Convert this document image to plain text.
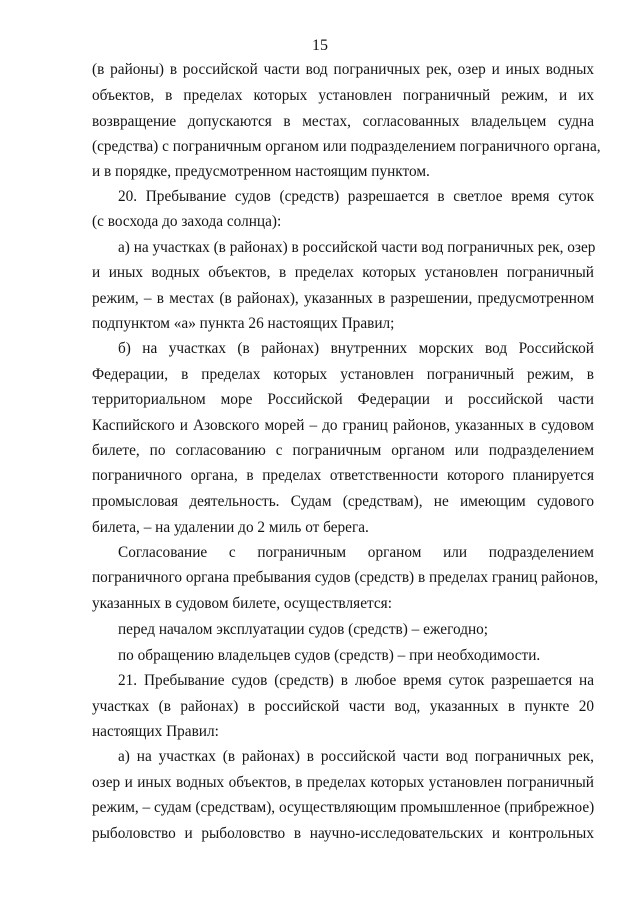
15
(в районы) в российской части вод пограничных рек, озер и иных водных
объектов, в пределах которых установлен пограничный режим, и их
возвращение допускаются в местах, согласованных владельцем судна
(средства) с пограничным органом или подразделением пограничного органа,
и в порядке, предусмотренном настоящим пунктом.
20. Пребывание судов (средств) разрешается в светлое время суток
(с восхода до захода солнца):
а) на участках (в районах) в российской части вод пограничных рек, озер
и иных водных объектов, в пределах которых установлен пограничный
режим, – в местах (в районах), указанных в разрешении, предусмотренном
подпунктом «а» пункта 26 настоящих Правил;
б) на участках (в районах) внутренних морских вод Российской
Федерации, в пределах которых установлен пограничный режим, в
территориальном море Российской Федерации и российской части
Каспийского и Азовского морей – до границ районов, указанных в судовом
билете, по согласованию с пограничным органом или подразделением
пограничного органа, в пределах ответственности которого планируется
промысловая деятельность. Судам (средствам), не имеющим судового
билета, – на удалении до 2 миль от берега.
Согласование с пограничным органом или подразделением
пограничного органа пребывания судов (средств) в пределах границ районов,
указанных в судовом билете, осуществляется:
перед началом эксплуатации судов (средств) – ежегодно;
по обращению владельцев судов (средств) – при необходимости.
21. Пребывание судов (средств) в любое время суток разрешается на
участках (в районах) в российской части вод, указанных в пункте 20
настоящих Правил:
а) на участках (в районах) в российской части вод пограничных рек,
озер и иных водных объектов, в пределах которых установлен пограничный
режим, – судам (средствам), осуществляющим промышленное (прибрежное)
рыболовство и рыболовство в научно-исследовательских и контрольных
